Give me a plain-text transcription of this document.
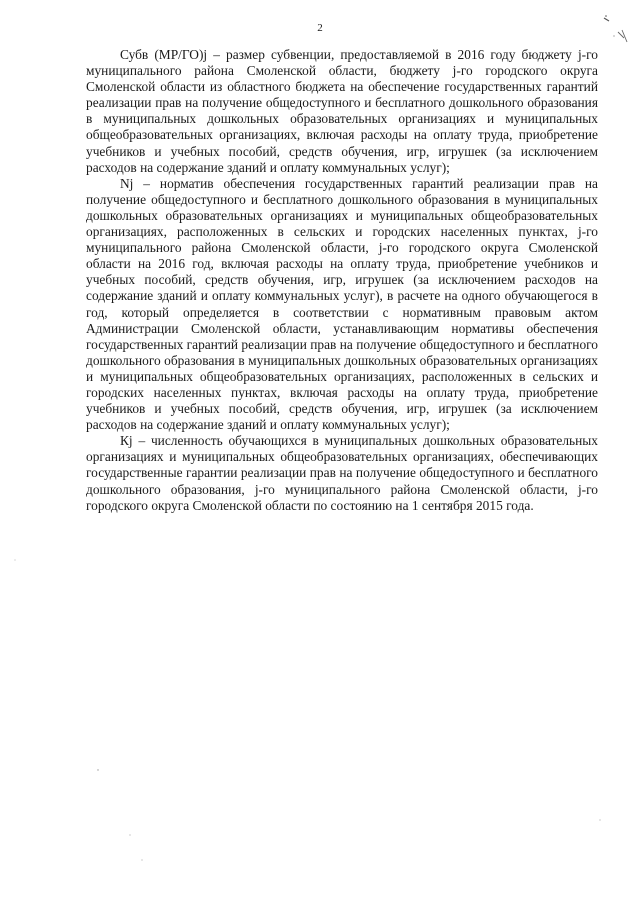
2

Субв (МР/ГО)j – размер субвенции, предоставляемой в 2016 году бюджету j-го муниципального района Смоленской области, бюджету j-го городского округа Смоленской области из областного бюджета на обеспечение государственных гарантий реализации прав на получение общедоступного и бесплатного дошкольного образования в муниципальных дошкольных образовательных организациях и муниципальных общеобразовательных организациях, включая расходы на оплату труда, приобретение учебников и учебных пособий, средств обучения, игр, игрушек (за исключением расходов на содержание зданий и оплату коммунальных услуг);

Nj – норматив обеспечения государственных гарантий реализации прав на получение общедоступного и бесплатного дошкольного образования в муниципальных дошкольных образовательных организациях и муниципальных общеобразовательных организациях, расположенных в сельских и городских населенных пунктах, j-го муниципального района Смоленской области, j-го городского округа Смоленской области на 2016 год, включая расходы на оплату труда, приобретение учебников и учебных пособий, средств обучения, игр, игрушек (за исключением расходов на содержание зданий и оплату коммунальных услуг), в расчете на одного обучающегося в год, который определяется в соответствии с нормативным правовым актом Администрации Смоленской области, устанавливающим нормативы обеспечения государственных гарантий реализации прав на получение общедоступного и бесплатного дошкольного образования в муниципальных дошкольных образовательных организациях и муниципальных общеобразовательных организациях, расположенных в сельских и городских населенных пунктах, включая расходы на оплату труда, приобретение учебников и учебных пособий, средств обучения, игр, игрушек (за исключением расходов на содержание зданий и оплату коммунальных услуг);

Кj – численность обучающихся в муниципальных дошкольных образовательных организациях и муниципальных общеобразовательных организациях, обеспечивающих государственные гарантии реализации прав на получение общедоступного и бесплатного дошкольного образования, j-го муниципального района Смоленской области, j-го городского округа Смоленской области по состоянию на 1 сентября 2015 года.
